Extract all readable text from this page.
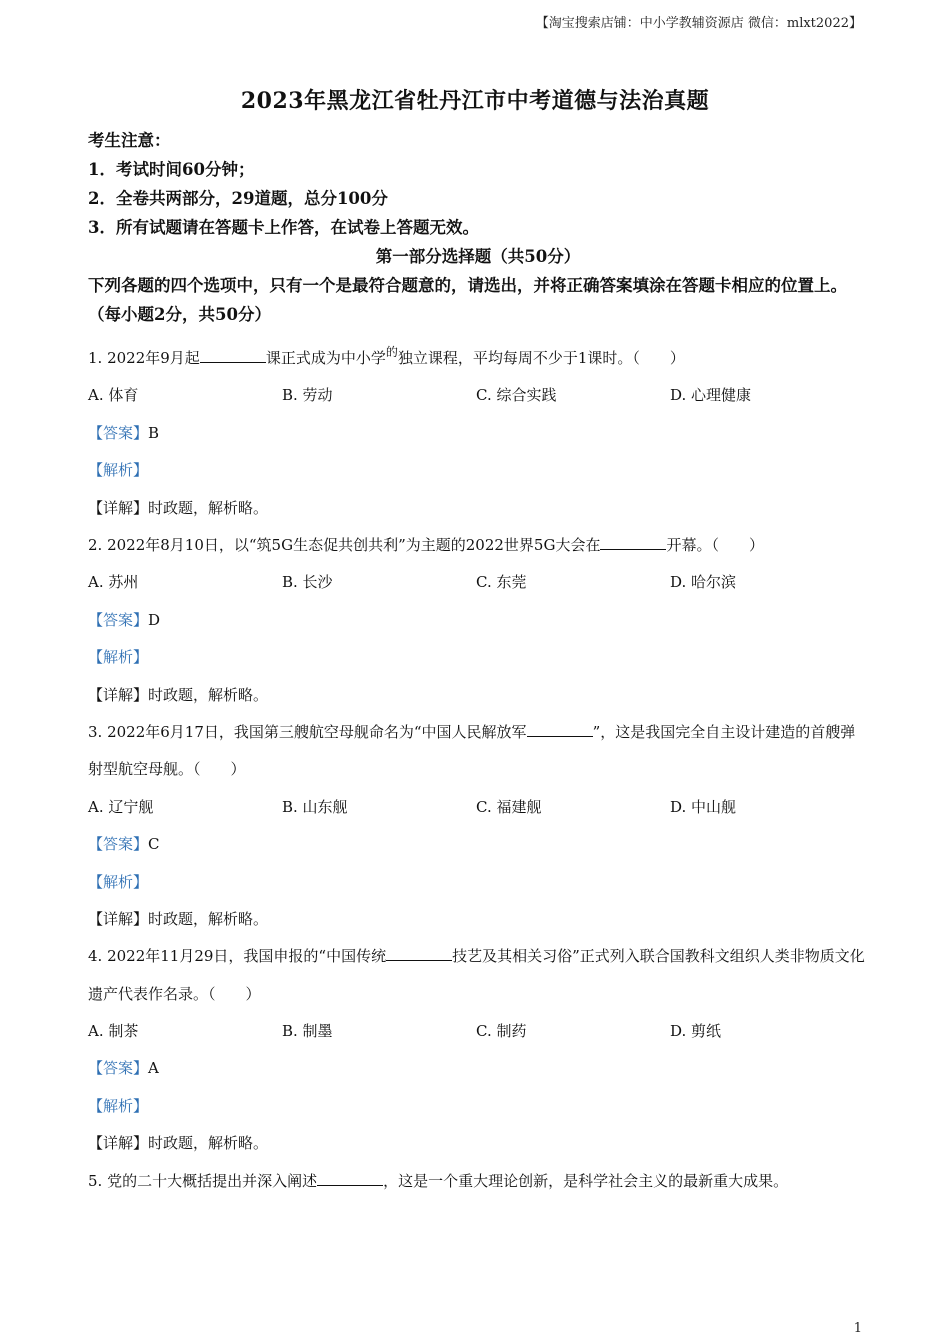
【淘宝搜索店铺：中小学教辅资源店 微信：mlxt2022】
2023年黑龙江省牡丹江市中考道德与法治真题
考生注意：
1．考试时间60分钟；
2．全卷共两部分，29道题，总分100分
3．所有试题请在答题卡上作答，在试卷上答题无效。
第一部分选择题（共50分）
下列各题的四个选项中，只有一个是最符合题意的，请选出，并将正确答案填涂在答题卡相应的位置上。（每小题2分，共50分）
1. 2022年9月起	课正式成为中小学$^的$独立课程，平均每周不少于1课时。（　　）
A. 体育	B. 劳动	C. 综合实践	D. 心理健康
【答案】B
【解析】
【详解】时政题，解析略。
2. 2022年8月10日，以“筑5G生态促共创共利”为主题的2022世界5G大会在	开幕。（　　）
A. 苏州	B. 长沙	C. 东莞	D. 哈尔滨
【答案】D
【解析】
【详解】时政题，解析略。
3. 2022年6月17日，我国第三艘航空母舰命名为“中国人民解放军	”，这是我国完全自主设计建造的首艘弹射型航空母舰。（　　）
A. 辽宁舰	B. 山东舰	C. 福建舰	D. 中山舰
【答案】C
【解析】
【详解】时政题，解析略。
4. 2022年11月29日，我国申报的“中国传统	技艺及其相关习俗”正式列入联合国教科文组织人类非物质文化遗产代表作名录。（　　）
A. 制茶	B. 制墨	C. 制药	D. 剪纸
【答案】A
【解析】
【详解】时政题，解析略。
5. 党的二十大概括提出并深入阐述	，这是一个重大理论创新，是科学社会主义的最新重大成果。
1
